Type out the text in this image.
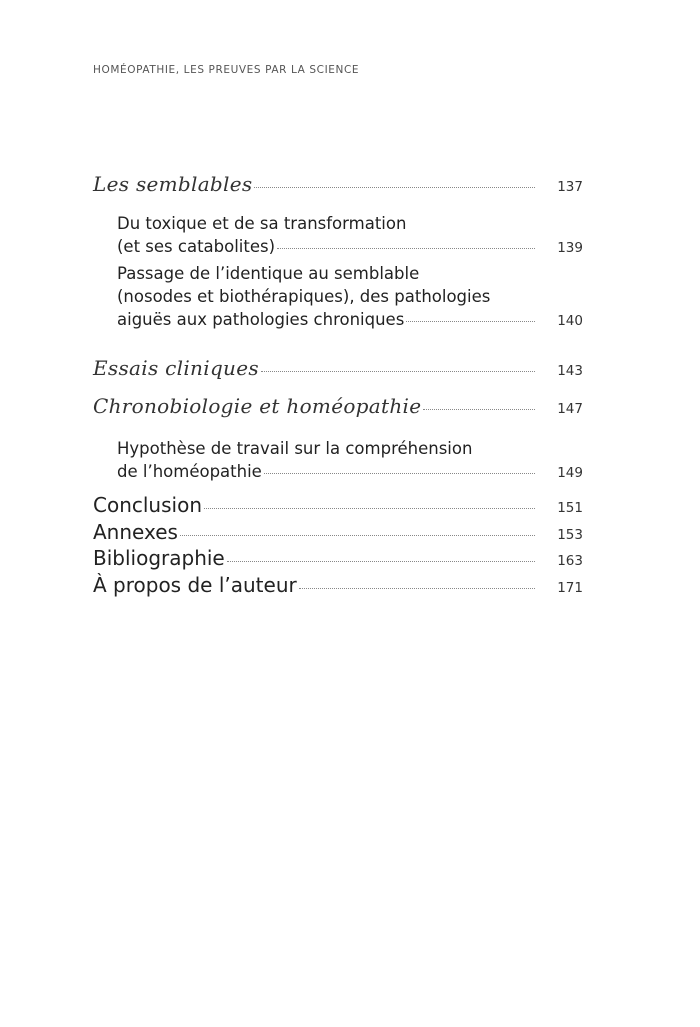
HOMÉOPATHIE, LES PREUVES PAR LA SCIENCE
Les semblables	137
Du toxique et de sa transformation
(et ses catabolites)	139
Passage de l’identique au semblable
(nosodes et biothérapiques), des pathologies
aiguës aux pathologies chroniques	140
Essais cliniques	143
Chronobiologie et homéopathie	147
Hypothèse de travail sur la compréhension
de l’homéopathie	149
Conclusion	151
Annexes	153
Bibliographie	163
À propos de l’auteur	171
